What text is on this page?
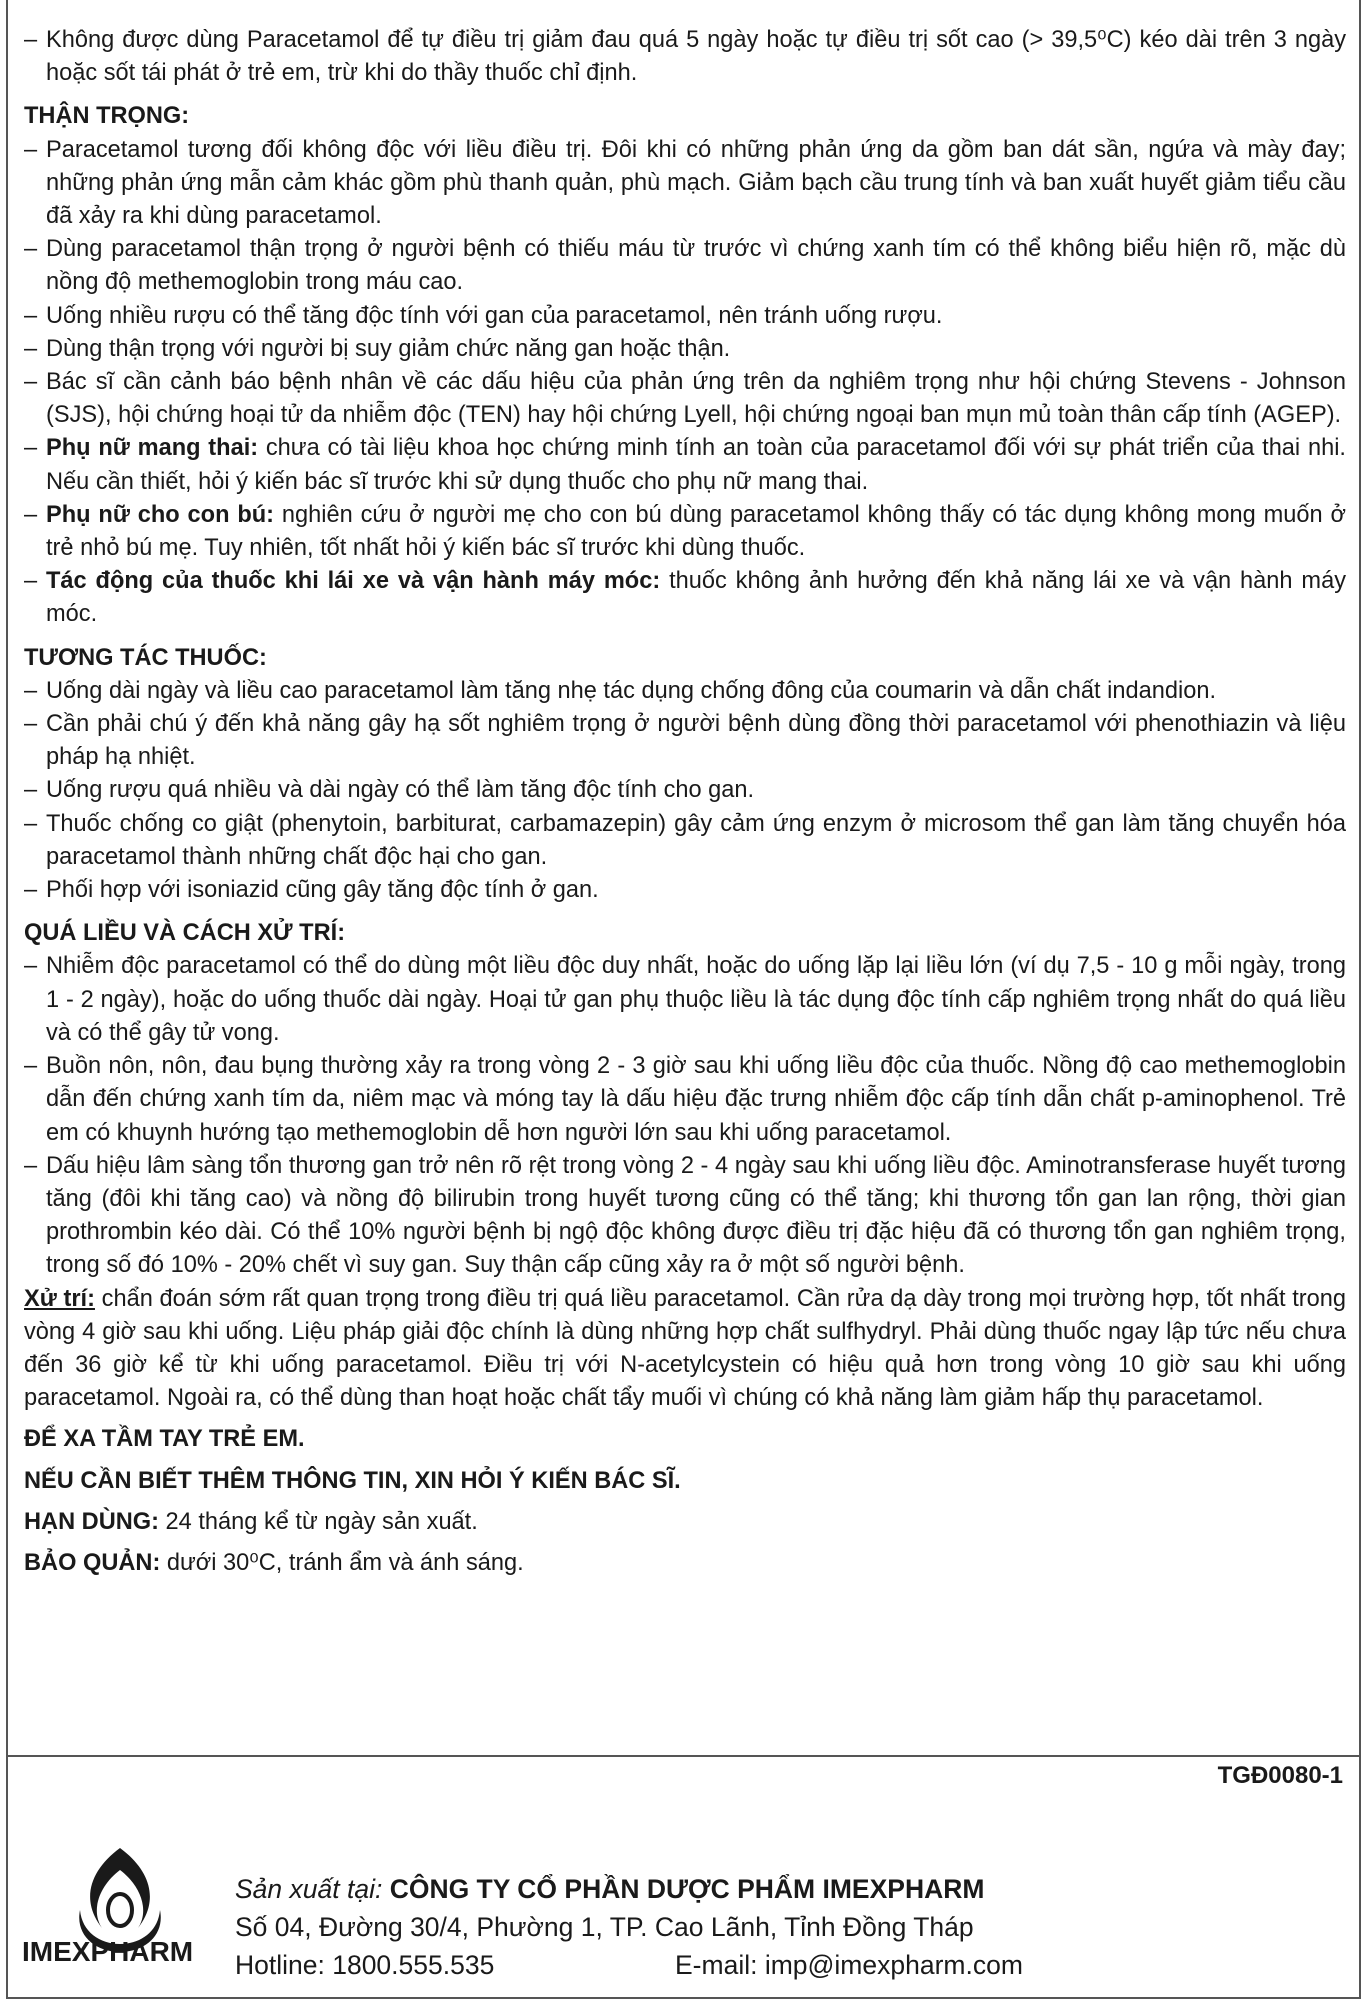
– Không được dùng Paracetamol để tự điều trị giảm đau quá 5 ngày hoặc tự điều trị sốt cao (> 39,5⁰C) kéo dài trên 3 ngày hoặc sốt tái phát ở trẻ em, trừ khi do thầy thuốc chỉ định.
THẬN TRỌNG:
– Paracetamol tương đối không độc với liều điều trị. Đôi khi có những phản ứng da gồm ban dát sần, ngứa và mày đay; những phản ứng mẫn cảm khác gồm phù thanh quản, phù mạch. Giảm bạch cầu trung tính và ban xuất huyết giảm tiểu cầu đã xảy ra khi dùng paracetamol.
– Dùng paracetamol thận trọng ở người bệnh có thiếu máu từ trước vì chứng xanh tím có thể không biểu hiện rõ, mặc dù nồng độ methemoglobin trong máu cao.
– Uống nhiều rượu có thể tăng độc tính với gan của paracetamol, nên tránh uống rượu.
– Dùng thận trọng với người bị suy giảm chức năng gan hoặc thận.
– Bác sĩ cần cảnh báo bệnh nhân về các dấu hiệu của phản ứng trên da nghiêm trọng như hội chứng Stevens - Johnson (SJS), hội chứng hoại tử da nhiễm độc (TEN) hay hội chứng Lyell, hội chứng ngoại ban mụn mủ toàn thân cấp tính (AGEP).
– Phụ nữ mang thai: chưa có tài liệu khoa học chứng minh tính an toàn của paracetamol đối với sự phát triển của thai nhi. Nếu cần thiết, hỏi ý kiến bác sĩ trước khi sử dụng thuốc cho phụ nữ mang thai.
– Phụ nữ cho con bú: nghiên cứu ở người mẹ cho con bú dùng paracetamol không thấy có tác dụng không mong muốn ở trẻ nhỏ bú mẹ. Tuy nhiên, tốt nhất hỏi ý kiến bác sĩ trước khi dùng thuốc.
– Tác động của thuốc khi lái xe và vận hành máy móc: thuốc không ảnh hưởng đến khả năng lái xe và vận hành máy móc.
TƯƠNG TÁC THUỐC:
– Uống dài ngày và liều cao paracetamol làm tăng nhẹ tác dụng chống đông của coumarin và dẫn chất indandion.
– Cần phải chú ý đến khả năng gây hạ sốt nghiêm trọng ở người bệnh dùng đồng thời paracetamol với phenothiazin và liệu pháp hạ nhiệt.
– Uống rượu quá nhiều và dài ngày có thể làm tăng độc tính cho gan.
– Thuốc chống co giật (phenytoin, barbiturat, carbamazepin) gây cảm ứng enzym ở microsom thể gan làm tăng chuyển hóa paracetamol thành những chất độc hại cho gan.
– Phối hợp với isoniazid cũng gây tăng độc tính ở gan.
QUÁ LIỀU VÀ CÁCH XỬ TRÍ:
– Nhiễm độc paracetamol có thể do dùng một liều độc duy nhất, hoặc do uống lặp lại liều lớn (ví dụ 7,5 - 10 g mỗi ngày, trong 1 - 2 ngày), hoặc do uống thuốc dài ngày. Hoại tử gan phụ thuộc liều là tác dụng độc tính cấp nghiêm trọng nhất do quá liều và có thể gây tử vong.
– Buồn nôn, nôn, đau bụng thường xảy ra trong vòng 2 - 3 giờ sau khi uống liều độc của thuốc. Nồng độ cao methemoglobin dẫn đến chứng xanh tím da, niêm mạc và móng tay là dấu hiệu đặc trưng nhiễm độc cấp tính dẫn chất p-aminophenol. Trẻ em có khuynh hướng tạo methemoglobin dễ hơn người lớn sau khi uống paracetamol.
– Dấu hiệu lâm sàng tổn thương gan trở nên rõ rệt trong vòng 2 - 4 ngày sau khi uống liều độc. Aminotransferase huyết tương tăng (đôi khi tăng cao) và nồng độ bilirubin trong huyết tương cũng có thể tăng; khi thương tổn gan lan rộng, thời gian prothrombin kéo dài. Có thể 10% người bệnh bị ngộ độc không được điều trị đặc hiệu đã có thương tổn gan nghiêm trọng, trong số đó 10% - 20% chết vì suy gan. Suy thận cấp cũng xảy ra ở một số người bệnh.
Xử trí: chẩn đoán sớm rất quan trọng trong điều trị quá liều paracetamol. Cần rửa dạ dày trong mọi trường hợp, tốt nhất trong vòng 4 giờ sau khi uống. Liệu pháp giải độc chính là dùng những hợp chất sulfhydryl. Phải dùng thuốc ngay lập tức nếu chưa đến 36 giờ kể từ khi uống paracetamol. Điều trị với N-acetylcystein có hiệu quả hơn trong vòng 10 giờ sau khi uống paracetamol. Ngoài ra, có thể dùng than hoạt hoặc chất tẩy muối vì chúng có khả năng làm giảm hấp thụ paracetamol.
ĐỂ XA TẦM TAY TRẺ EM.
NẾU CẦN BIẾT THÊM THÔNG TIN, XIN HỎI Ý KIẾN BÁC SĨ.
HẠN DÙNG: 24 tháng kể từ ngày sản xuất.
BẢO QUẢN: dưới 30⁰C, tránh ẩm và ánh sáng.
TGĐ0080-1
IMEXPHARM
Sản xuất tại: CÔNG TY CỔ PHẦN DƯỢC PHẨM IMEXPHARM
Số 04, Đường 30/4, Phường 1, TP. Cao Lãnh, Tỉnh Đồng Tháp
Hotline: 1800.555.535	E-mail: imp@imexpharm.com
